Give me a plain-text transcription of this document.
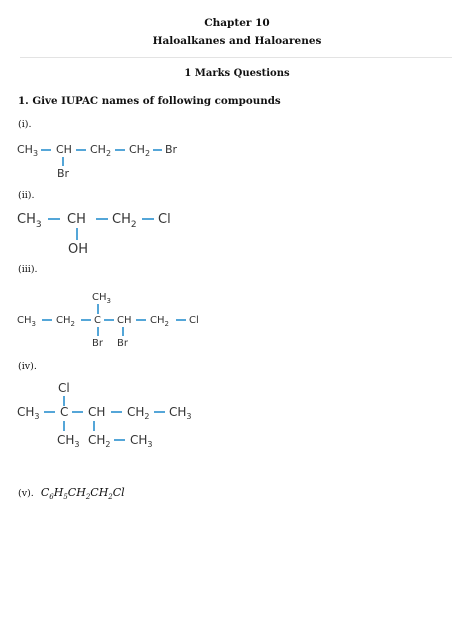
Chapter 10
Haloalkanes and Haloarenes
1 Marks Questions
1. Give IUPAC names of following compounds
(i).
$CH_3$ CH $CH_2$ $CH_2$ Br
Br
(ii).
$CH_3$ CH $CH_2$ Cl
OH
(iii).
$CH_3$
$CH_3$ $CH_2$ C CH $CH_2$ Cl
Br Br
(iv).
Cl
$CH_3$ C CH $CH_2$ $CH_3$
$CH_3$ $CH_2$ $CH_3$
(v). $C_6H_5CH_2CH_2Cl$
